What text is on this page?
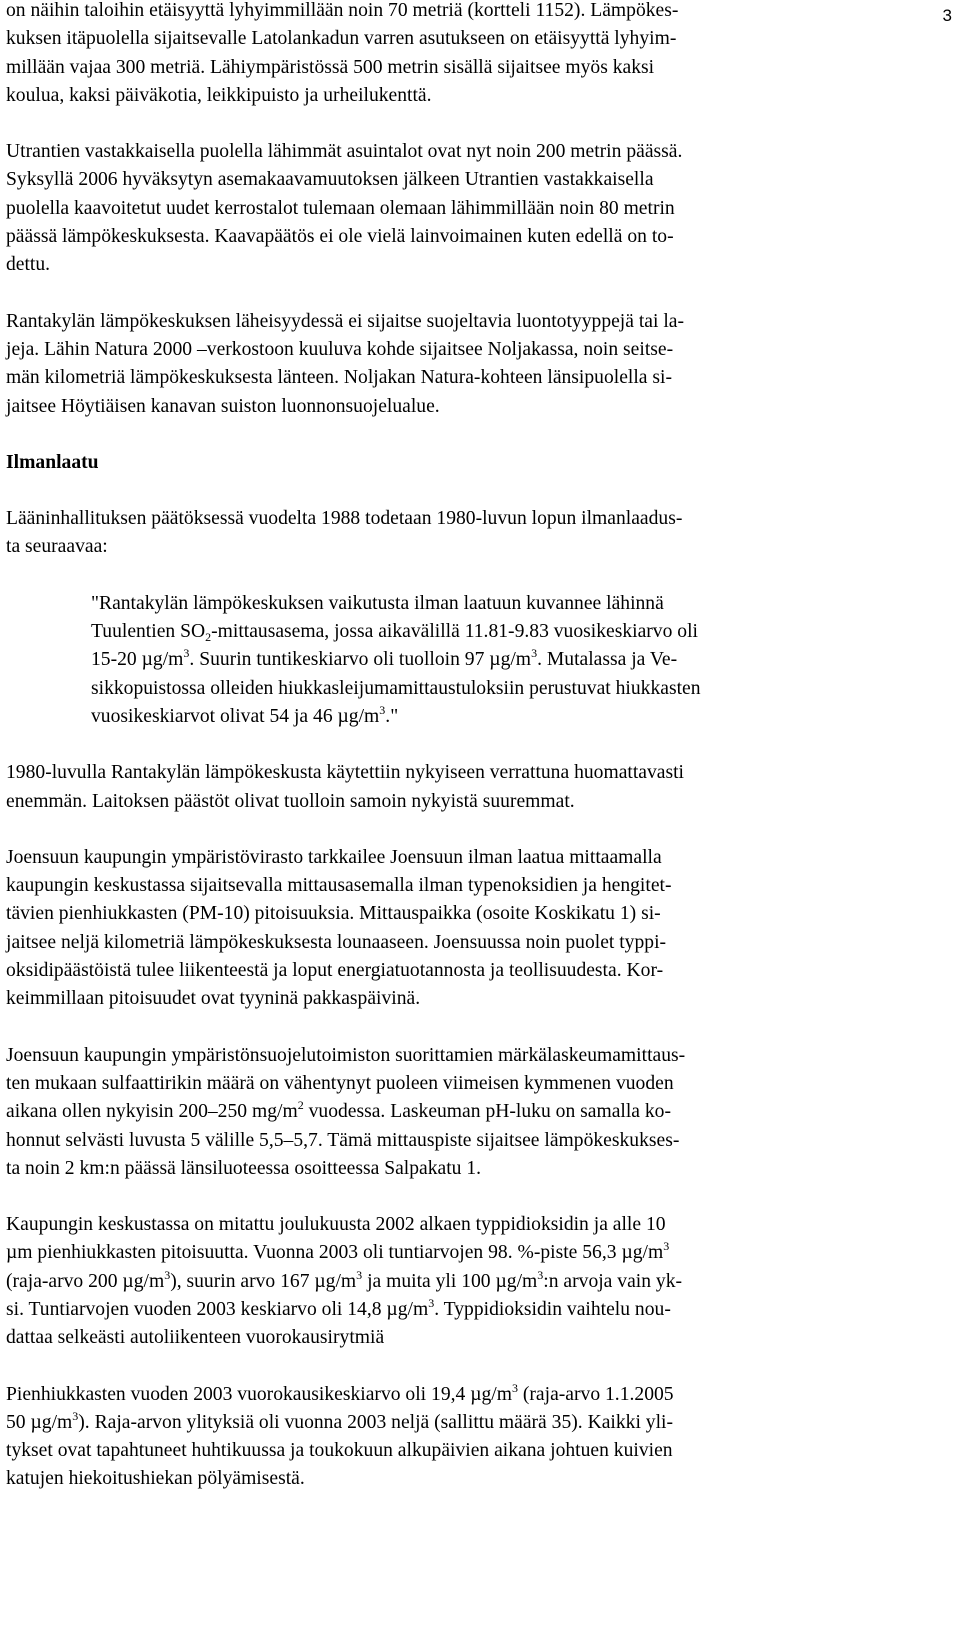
3

on näihin taloihin etäisyyttä lyhyimmillään noin 70 metriä (kortteli 1152). Lämpökes-
kuksen itäpuolella sijaitsevalle Latolankadun varren asutukseen on etäisyyttä lyhyim-
millään vajaa 300 metriä. Lähiympäristössä 500 metrin sisällä sijaitsee myös kaksi
koulua, kaksi päiväkotia, leikkipuisto ja urheilukenttä.

Utrantien vastakkaisella puolella lähimmät asuintalot ovat nyt noin 200 metrin päässä.
Syksyllä 2006 hyväksytyn asemakaavamuutoksen jälkeen Utrantien vastakkaisella
puolella kaavoitetut uudet kerrostalot tulemaan olemaan lähimmillään noin 80 metrin
päässä lämpökeskuksesta. Kaavapäätös ei ole vielä lainvoimainen kuten edellä on to-
dettu.

Rantakylän lämpökeskuksen läheisyydessä ei sijaitse suojeltavia luontotyyppejä tai la-
jeja. Lähin Natura 2000 –verkostoon kuuluva kohde sijaitsee Noljakassa, noin seitse-
män kilometriä lämpökeskuksesta länteen. Noljakan Natura-kohteen länsipuolella si-
jaitsee Höytiäisen kanavan suiston luonnonsuojelualue.

Ilmanlaatu

Lääninhallituksen päätöksessä vuodelta 1988 todetaan 1980-luvun lopun ilmanlaadus-
ta seuraavaa:

"Rantakylän lämpökeskuksen vaikutusta ilman laatuun kuvannee lähinnä
Tuulentien $SO_2$-mittausasema, jossa aikavälillä 11.81-9.83 vuosikeskiarvo oli
15-20 $\mu g/m^3$. Suurin tuntikeskiarvo oli tuolloin 97 $\mu g/m^3$. Mutalassa ja Ve-
sikkopuistossa olleiden hiukkasleijumamittaustuloksiin perustuvat hiukkasten
vuosikeskiarvot olivat 54 ja 46 $\mu g/m^3$."

1980-luvulla Rantakylän lämpökeskusta käytettiin nykyiseen verrattuna huomattavasti
enemmän. Laitoksen päästöt olivat tuolloin samoin nykyistä suuremmat.

Joensuun kaupungin ympäristövirasto tarkkailee Joensuun ilman laatua mittaamalla
kaupungin keskustassa sijaitsevalla mittausasemalla ilman typenoksidien ja hengitet-
tävien pienhiukkasten (PM-10) pitoisuuksia. Mittauspaikka (osoite Koskikatu 1) si-
jaitsee neljä kilometriä lämpökeskuksesta lounaaseen. Joensuussa noin puolet typpi-
oksidipäästöistä tulee liikenteestä ja loput energiatuotannosta ja teollisuudesta. Kor-
keimmillaan pitoisuudet ovat tyyninä pakkaspäivinä.

Joensuun kaupungin ympäristönsuojelutoimiston suorittamien märkälaskeumamittaus-
ten mukaan sulfaattirikin määrä on vähentynyt puoleen viimeisen kymmenen vuoden
aikana ollen nykyisin 200–250 $mg/m^2$ vuodessa. Laskeuman pH-luku on samalla ko-
honnut selvästi luvusta 5 välille 5,5–5,7. Tämä mittauspiste sijaitsee lämpökeskukses-
ta noin 2 km:n päässä länsiluoteessa osoitteessa Salpakatu 1.

Kaupungin keskustassa on mitattu joulukuusta 2002 alkaen typpidioksidin ja alle 10
µm pienhiukkasten pitoisuutta. Vuonna 2003 oli tuntiarvojen 98. %-piste 56,3 $\mu g/m^3$
(raja-arvo 200 $\mu g/m^3$), suurin arvo 167 $\mu g/m^3$ ja muita yli 100 $\mu g/m^3:n$ arvoja vain yk-
si. Tuntiarvojen vuoden 2003 keskiarvo oli 14,8 $\mu g/m^3$. Typpidioksidin vaihtelu nou-
dattaa selkeästi autoliikenteen vuorokausirytmiä

Pienhiukkasten vuoden 2003 vuorokausikeskiarvo oli 19,4 $\mu g/m^3$ (raja-arvo 1.1.2005
50 $\mu g/m^3$). Raja-arvon ylityksiä oli vuonna 2003 neljä (sallittu määrä 35). Kaikki yli-
tykset ovat tapahtuneet huhtikuussa ja toukokuun alkupäivien aikana johtuen kuivien
katujen hiekoitushiekan pölyämisestä.
